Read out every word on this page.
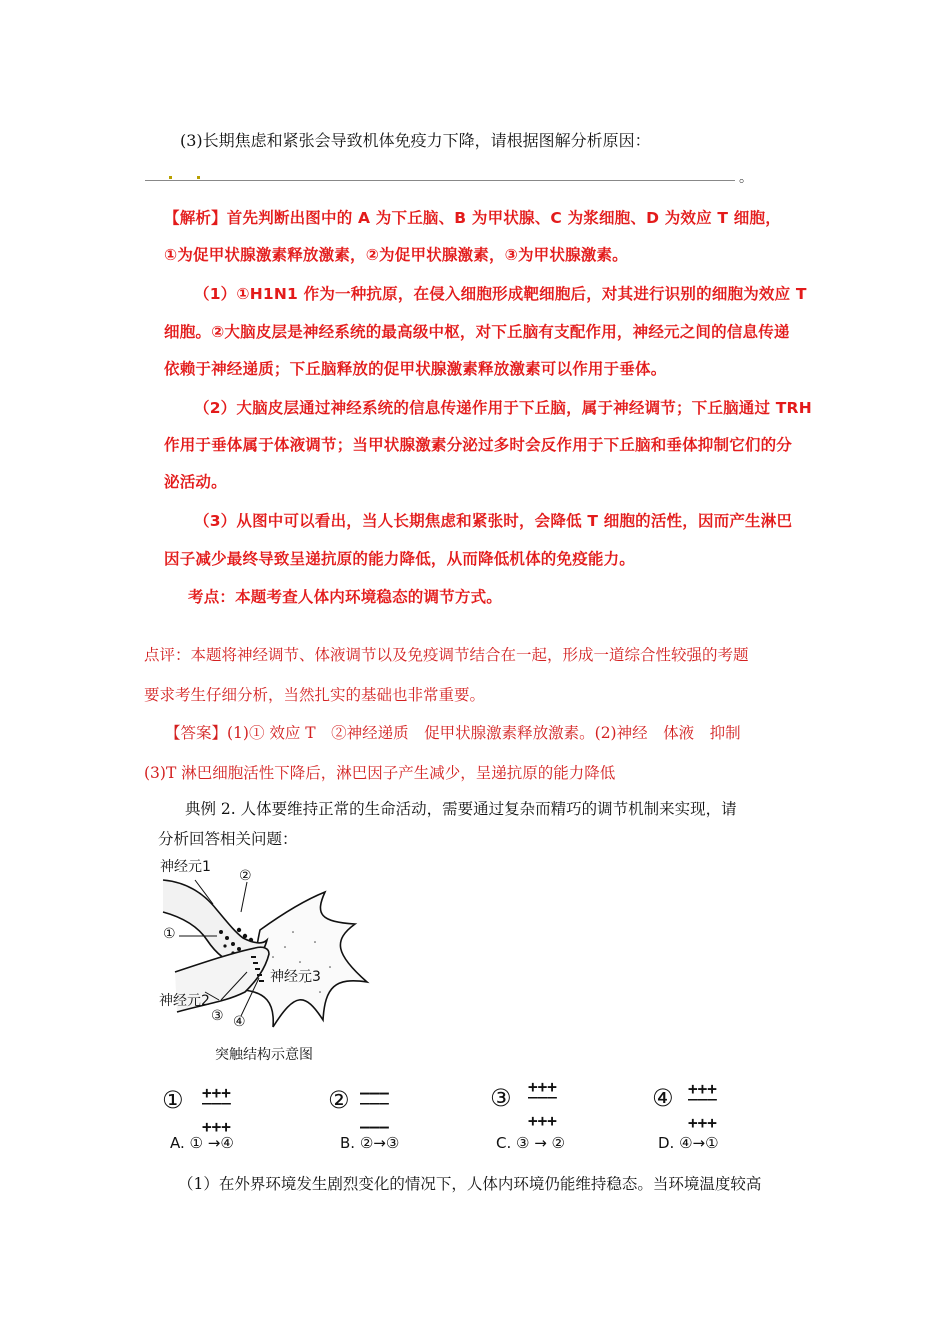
(3)长期焦虑和紧张会导致机体免疫力下降，请根据图解分析原因：
。
【解析】首先判断出图中的 A 为下丘脑、B 为甲状腺、C 为浆细胞、D 为效应 T 细胞，
①为促甲状腺激素释放激素，②为促甲状腺激素，③为甲状腺激素。
（1）①H1N1 作为一种抗原，在侵入细胞形成靶细胞后，对其进行识别的细胞为效应 T
细胞。②大脑皮层是神经系统的最高级中枢，对下丘脑有支配作用，神经元之间的信息传递
依赖于神经递质；下丘脑释放的促甲状腺激素释放激素可以作用于垂体。
（2）大脑皮层通过神经系统的信息传递作用于下丘脑，属于神经调节；下丘脑通过 TRH
作用于垂体属于体液调节；当甲状腺激素分泌过多时会反作用于下丘脑和垂体抑制它们的分
泌活动。
（3）从图中可以看出，当人长期焦虑和紧张时，会降低 T 细胞的活性，因而产生淋巴
因子减少最终导致呈递抗原的能力降低，从而降低机体的免疫能力。
考点：本题考查人体内环境稳态的调节方式。
点评：本题将神经调节、体液调节以及免疫调节结合在一起，形成一道综合性较强的考题
要求考生仔细分析，当然扎实的基础也非常重要。
【答案】(1)① 效应 T　②神经递质　促甲状腺激素释放激素。(2)神经　体液　抑制
(3)T 淋巴细胞活性下降后，淋巴因子产生减少，呈递抗原的能力降低
典例 2. 人体要维持正常的生命活动，需要通过复杂而精巧的调节机制来实现，请
分析回答相关问题：
神经元1
②
①
神经元3
神经元2
③ ④
突触结构示意图
① +++
‾‾‾
+++
② ‒‒‒
‾‾‾
‒‒‒
③ +++
‾‾‾
+++
④ +++
‾‾‾
+++
A. ① →④	B. ②→③	C. ③ → ②	D. ④→①
（1）在外界环境发生剧烈变化的情况下，人体内环境仍能维持稳态。当环境温度较高
